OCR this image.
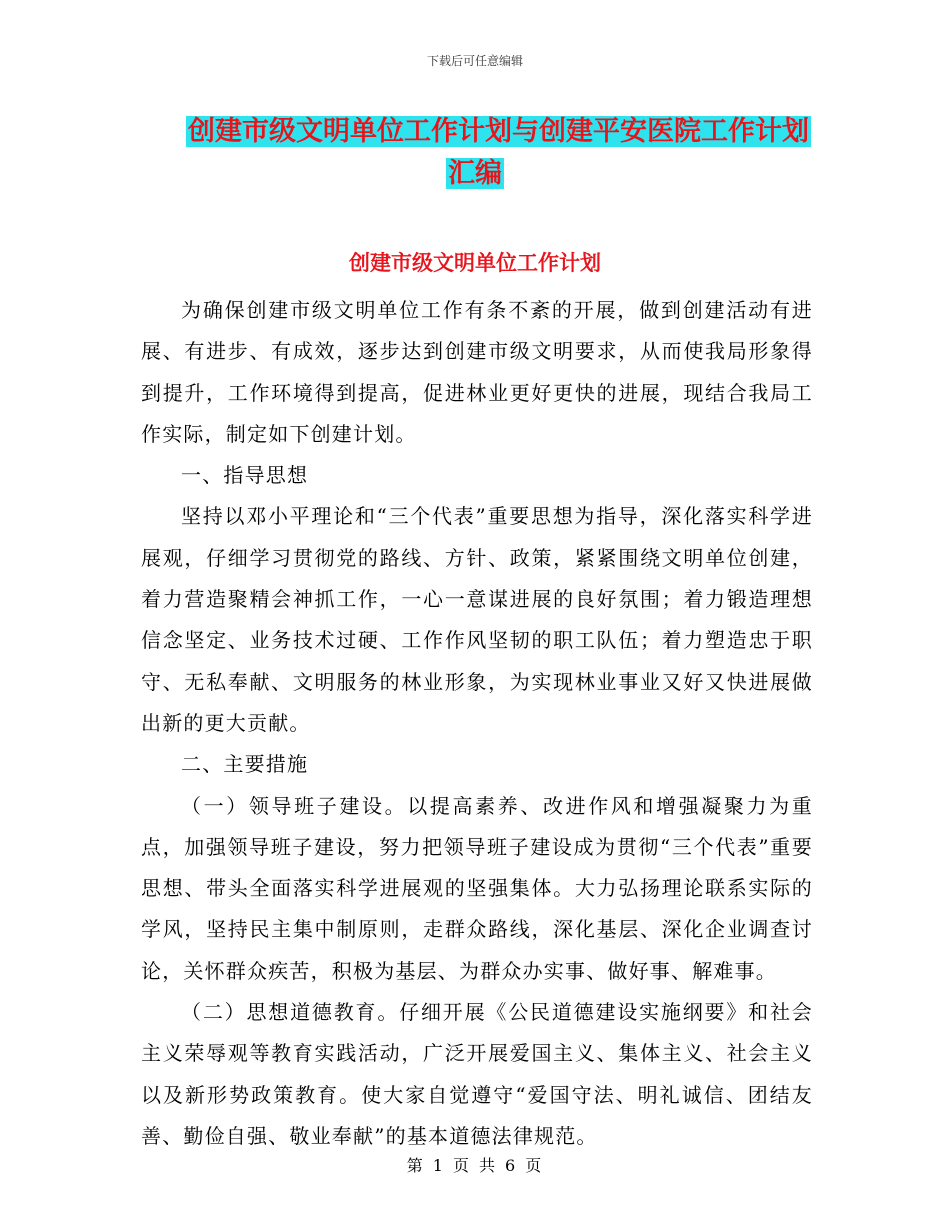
下载后可任意编辑
创建市级文明单位工作计划与创建平安医院工作计划
汇编
创建市级文明单位工作计划

为确保创建市级文明单位工作有条不紊的开展，做到创建活动有进展、有进步、有成效，逐步达到创建市级文明要求，从而使我局形象得到提升，工作环境得到提高，促进林业更好更快的进展，现结合我局工作实际，制定如下创建计划。

一、指导思想

坚持以邓小平理论和“三个代表”重要思想为指导，深化落实科学进展观，仔细学习贯彻党的路线、方针、政策，紧紧围绕文明单位创建，着力营造聚精会神抓工作，一心一意谋进展的良好氛围；着力锻造理想信念坚定、业务技术过硬、工作作风坚韧的职工队伍；着力塑造忠于职守、无私奉献、文明服务的林业形象，为实现林业事业又好又快进展做出新的更大贡献。

二、主要措施

（一）领导班子建设。以提高素养、改进作风和增强凝聚力为重点，加强领导班子建设，努力把领导班子建设成为贯彻“三个代表”重要思想、带头全面落实科学进展观的坚强集体。大力弘扬理论联系实际的学风，坚持民主集中制原则，走群众路线，深化基层、深化企业调查讨论，关怀群众疾苦，积极为基层、为群众办实事、做好事、解难事。

（二）思想道德教育。仔细开展《公民道德建设实施纲要》和社会主义荣辱观等教育实践活动，广泛开展爱国主义、集体主义、社会主义以及新形势政策教育。使大家自觉遵守“爱国守法、明礼诚信、团结友善、勤俭自强、敬业奉献”的基本道德法律规范。

第 1 页 共 6 页
